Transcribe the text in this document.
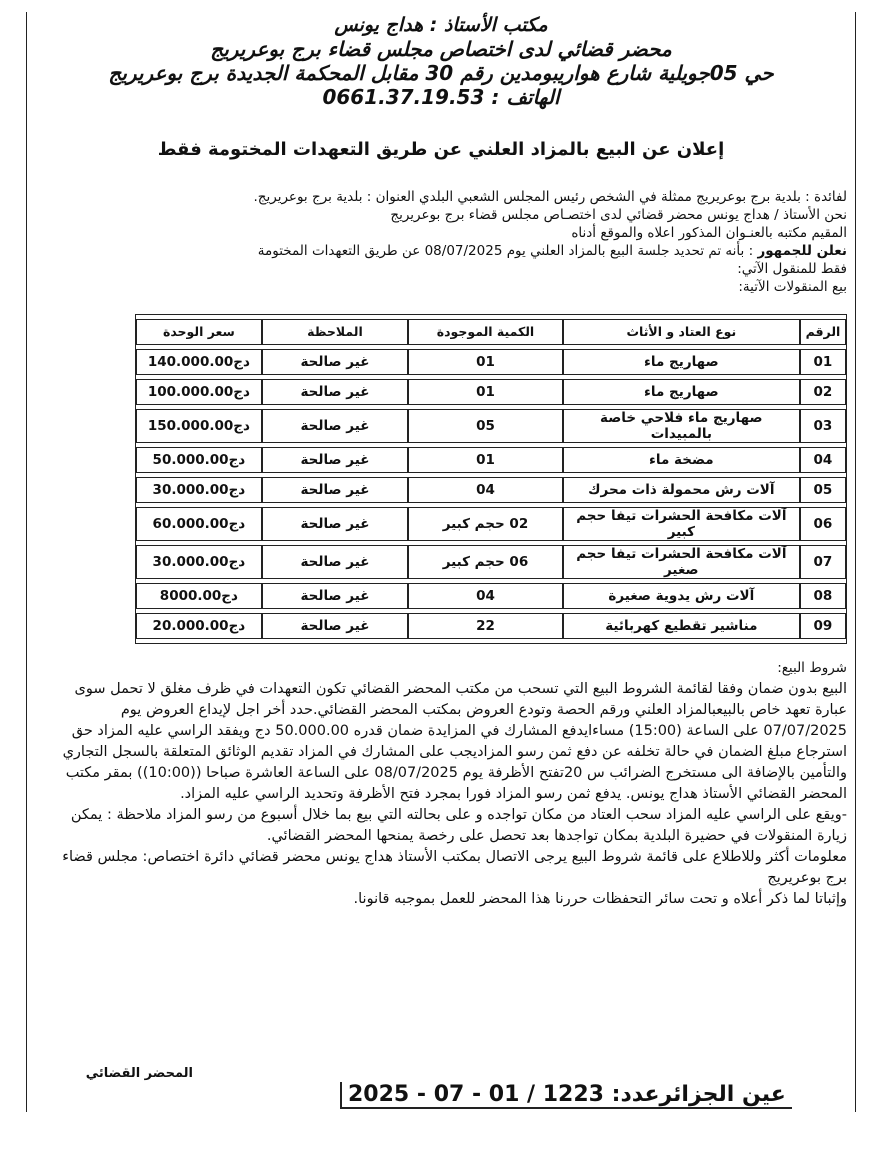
مكتب الأستاذ : هداج يونس
محضر قضائي لدى اختصاص مجلس قضاء برج بوعريريج
حي 05جويلية شارع هواريبومدين رقم 30 مقابل المحكمة الجديدة برج بوعريريج
الهاتف : 0661.37.19.53
إعلان عن البيع بالمزاد العلني عن طريق التعهدات المختومة فقط

لفائدة : بلدية برج بوعريريج ممثلة في الشخص رئيس المجلس الشعبي البلدي العنوان : بلدية برج بوعريريج.

نحن الأستاذ / هداج يونس محضر قضائي لدى اختصـاص مجلس قضاء برج بوعريريج

المقيم مكتبه بالعنـوان المذكور اعلاه والموقع أدناه

نعلن للجمهور : بأنه تم تحديد جلسة البيع بالمزاد العلني يوم 08/07/2025 عن طريق التعهدات المختومة

فقط للمنقول الآتي:

بيع المنقولات الآتية:

الرقم	نوع العتاد و الأثاث	الكمية الموجودة	الملاحظة	سعر الوحدة
01	صهاريج ماء	01	غير صالحة	140.000.00دج
02	صهاريج ماء	01	غير صالحة	100.000.00دج
03	صهاريج ماء فلاحي خاصة بالمبيدات	05	غير صالحة	150.000.00دج
04	مضخة ماء	01	غير صالحة	50.000.00دج
05	آلات رش محمولة ذات محرك	04	غير صالحة	30.000.00دج
06	آلات مكافحة الحشرات تيفا حجم كبير	02 حجم كبير	غير صالحة	60.000.00دج
07	آلات مكافحة الحشرات تيفا حجم صغير	06 حجم كبير	غير صالحة	30.000.00دج
08	آلات رش يدوية صغيرة	04	غير صالحة	8000.00دج
09	مناشير تقطيع كهربائية	22	غير صالحة	20.000.00دج

شروط البيع:

البيع بدون ضمان وفقا لقائمة الشروط البيع التي تسحب من مكتب المحضر القضائي تكون التعهدات في ظرف مغلق لا تحمل سوى عبارة تعهد خاص بالبيعبالمزاد العلني ورقم الحصة وتودع العروض بمكتب المحضر القضائي.حدد أخر اجل لإيداع العروض يوم 07/07/2025 على الساعة (15:00) مساءايدفع المشارك في المزايدة ضمان قدره 50.000.00 دج ويفقد الراسي عليه المزاد حق استرجاع مبلغ الضمان في حالة تخلفه عن دفع ثمن رسو المزاديجب على المشارك في المزاد تقديم الوثائق المتعلقة بالسجل التجاري والتأمين بالإضافة الى مستخرج الضرائب س 20تفتح الأظرفة يوم 08/07/2025 على الساعة العاشرة صباحا ((10:00)) بمقر مكتب المحضر القضائي الأستاذ هداج يونس. يدفع ثمن رسو المزاد فورا بمجرد فتح الأظرفة وتحديد الراسي عليه المزاد.

-ويقع على الراسي عليه المزاد سحب العتاد من مكان تواجده و على بحالته التي بيع بما خلال أسبوع من رسو المزاد ملاحظة : يمكن زيارة المنقولات في حضيرة البلدية بمكان تواجدها بعد تحصل على رخصة يمنحها المحضر القضائي.

معلومات أكثر وللاطلاع على قائمة شروط البيع يرجى الاتصال بمكتب الأستاذ هداج يونس محضر قضائي دائرة اختصاص: مجلس قضاء برج بوعريريج

وإثباتا لما ذكر أعلاه و تحت سائر التحفظات حررنا هذا المحضر للعمل بموجبه قانونا.

المحضر القضائي
عين الجزائرعدد: 1223 / 01 - 07 - 2025
